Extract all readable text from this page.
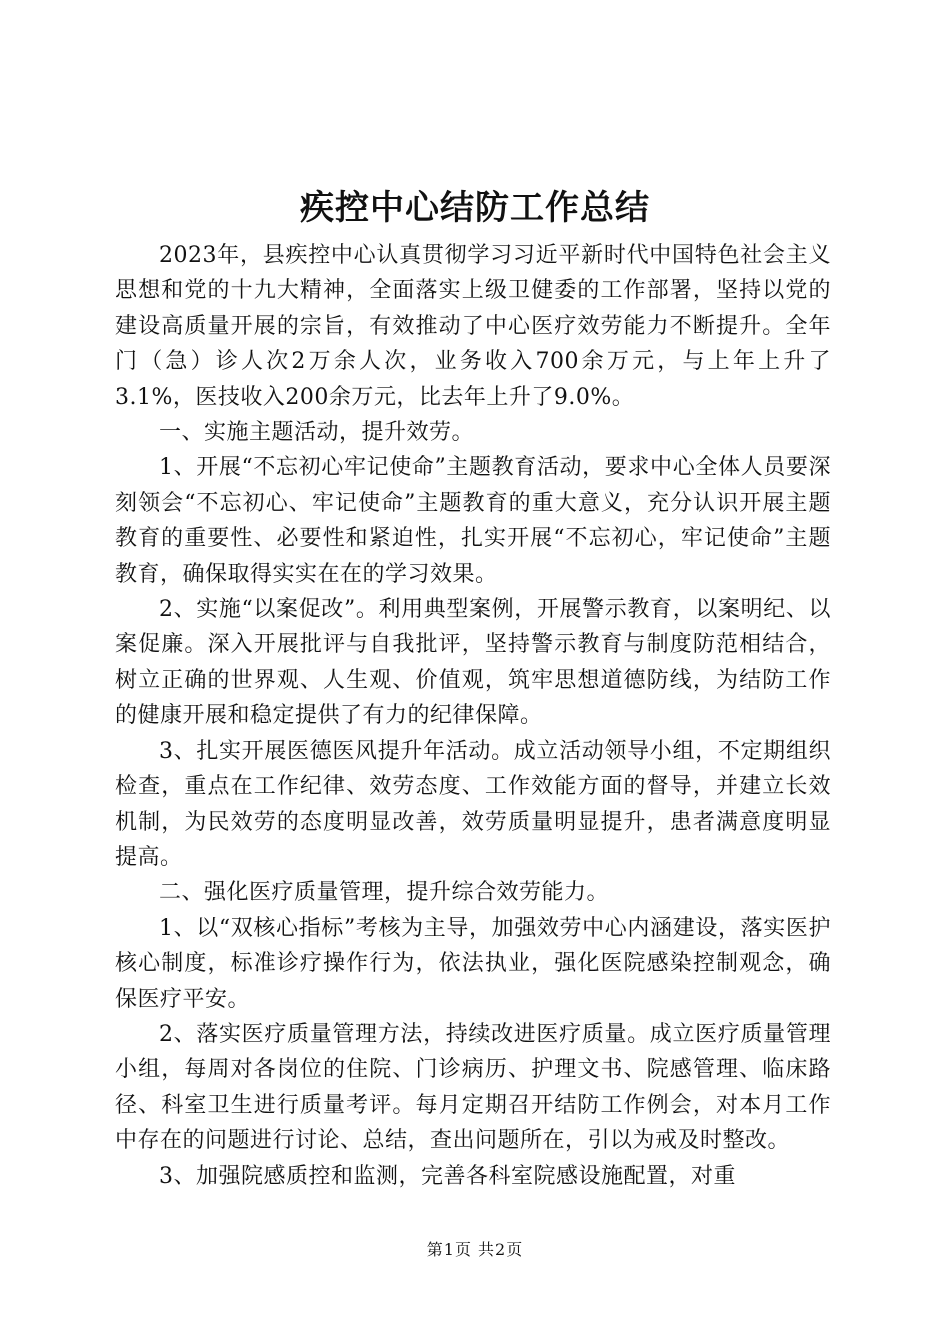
疾控中心结防工作总结

2023年，县疾控中心认真贯彻学习习近平新时代中国特色社会主义思想和党的十九大精神，全面落实上级卫健委的工作部署，坚持以党的建设高质量开展的宗旨，有效推动了中心医疗效劳能力不断提升。全年门（急）诊人次2万余人次，业务收入700余万元，与上年上升了3.1%，医技收入200余万元，比去年上升了9.0%。

一、实施主题活动，提升效劳。

1、开展“不忘初心牢记使命”主题教育活动，要求中心全体人员要深刻领会“不忘初心、牢记使命”主题教育的重大意义，充分认识开展主题教育的重要性、必要性和紧迫性，扎实开展“不忘初心，牢记使命”主题教育，确保取得实实在在的学习效果。

2、实施“以案促改”。利用典型案例，开展警示教育，以案明纪、以案促廉。深入开展批评与自我批评，坚持警示教育与制度防范相结合，树立正确的世界观、人生观、价值观，筑牢思想道德防线，为结防工作的健康开展和稳定提供了有力的纪律保障。

3、扎实开展医德医风提升年活动。成立活动领导小组，不定期组织检查，重点在工作纪律、效劳态度、工作效能方面的督导，并建立长效机制，为民效劳的态度明显改善，效劳质量明显提升，患者满意度明显提高。

二、强化医疗质量管理，提升综合效劳能力。

1、以“双核心指标”考核为主导，加强效劳中心内涵建设，落实医护核心制度，标准诊疗操作行为，依法执业，强化医院感染控制观念，确保医疗平安。

2、落实医疗质量管理方法，持续改进医疗质量。成立医疗质量管理小组，每周对各岗位的住院、门诊病历、护理文书、院感管理、临床路径、科室卫生进行质量考评。每月定期召开结防工作例会，对本月工作中存在的问题进行讨论、总结，查出问题所在，引以为戒及时整改。

3、加强院感质控和监测，完善各科室院感设施配置，对重

第1页 共2页
